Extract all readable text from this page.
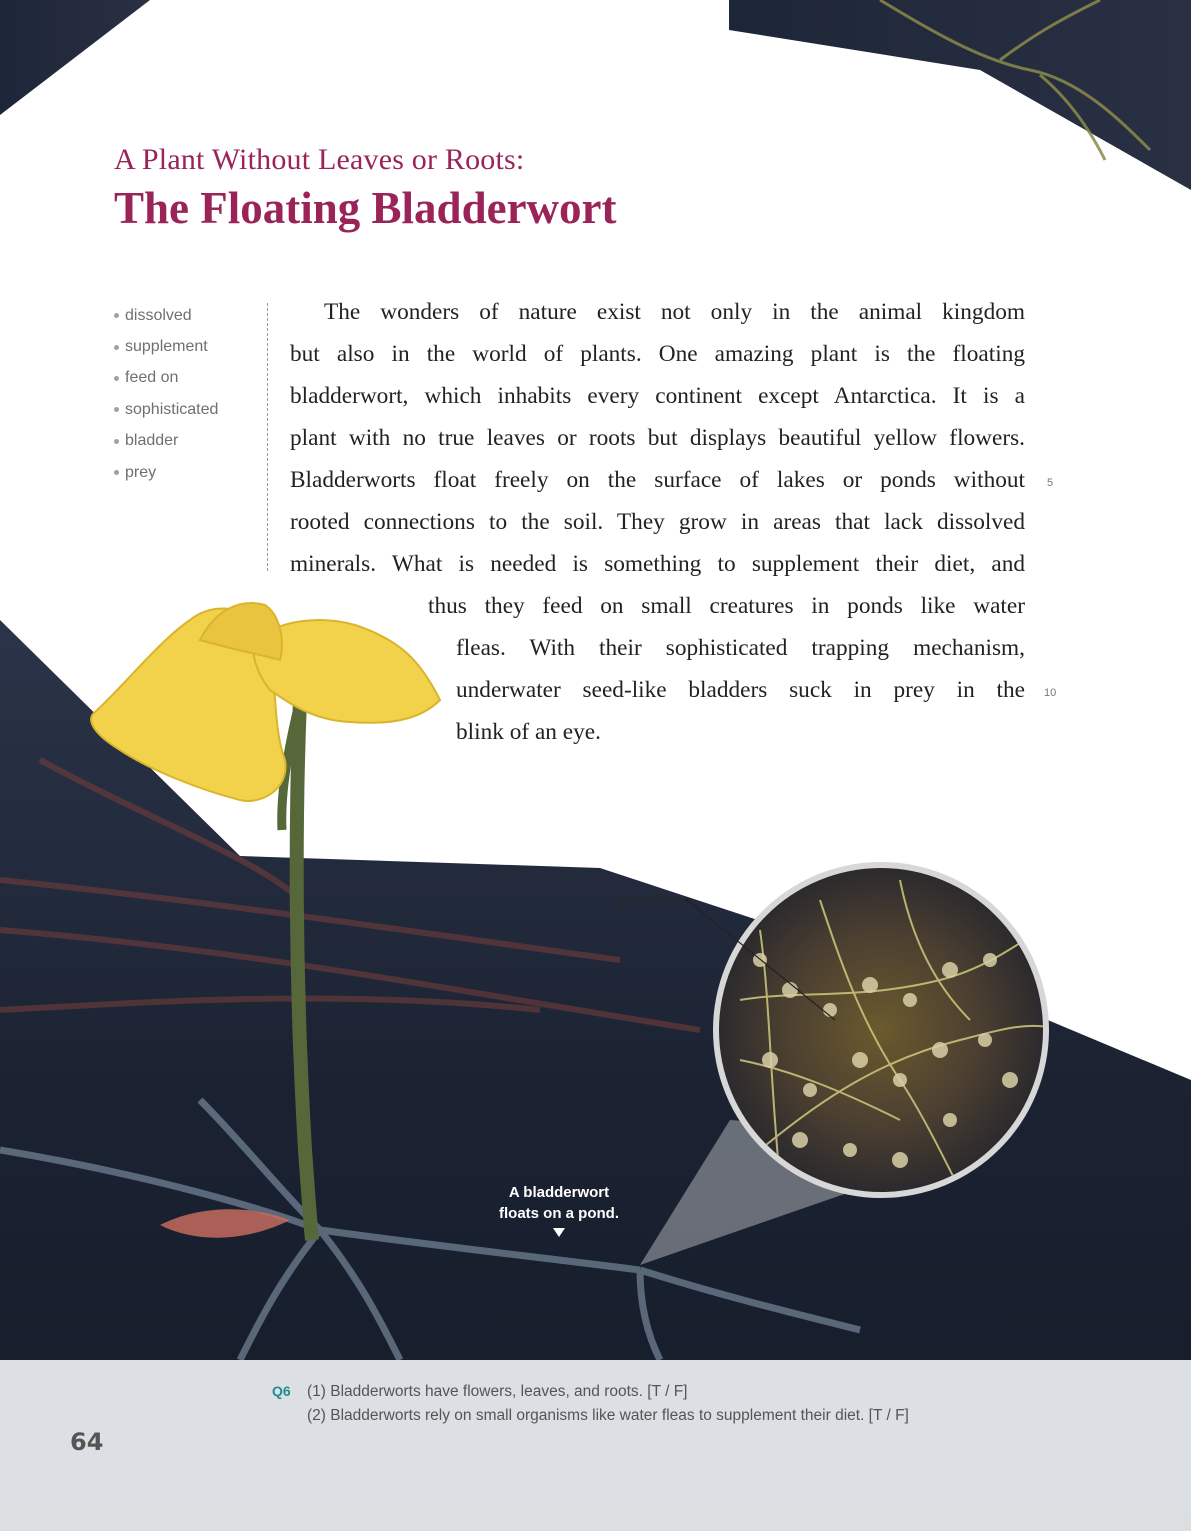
A Plant Without Leaves or Roots:
The Floating Bladderwort
dissolved
supplement
feed on
sophisticated
bladder
prey
The wonders of nature exist not only in the animal kingdom
but also in the world of plants. One amazing plant is the floating
bladderwort, which inhabits every continent except Antarctica. It is a
plant with no true leaves or roots but displays beautiful yellow flowers.
Bladderworts float freely on the surface of lakes or ponds without
rooted connections to the soil. They grow in areas that lack dissolved
minerals. What is needed is something to supplement their diet, and
thus they feed on small creatures in ponds like water
fleas. With their sophisticated trapping mechanism,
underwater seed-like bladders suck in prey in the
blink of an eye.
5
10
bladder
A bladderwort
floats on a pond.
Q6 (1) Bladderworts have flowers, leaves, and roots. [T / F]
(2) Bladderworts rely on small organisms like water fleas to supplement their diet. [T / F]
64
